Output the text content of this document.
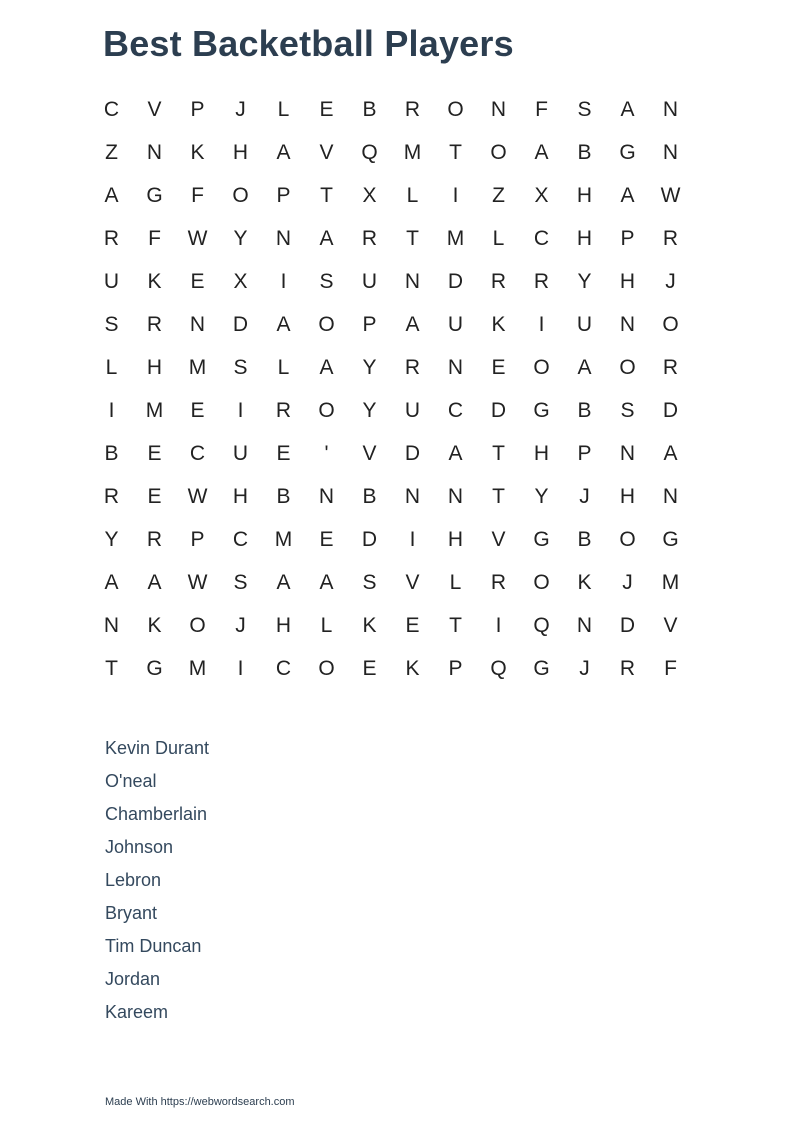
Best Backetball Players
C	V	P	J	L	E	B	R	O	N	F	S	A	N
Z	N	K	H	A	V	Q	M	T	O	A	B	G	N
A	G	F	O	P	T	X	L	I	Z	X	H	A	W
R	F	W	Y	N	A	R	T	M	L	C	H	P	R
U	K	E	X	I	S	U	N	D	R	R	Y	H	J
S	R	N	D	A	O	P	A	U	K	I	U	N	O
L	H	M	S	L	A	Y	R	N	E	O	A	O	R
I	M	E	I	R	O	Y	U	C	D	G	B	S	D
B	E	C	U	E	'	V	D	A	T	H	P	N	A
R	E	W	H	B	N	B	N	N	T	Y	J	H	N
Y	R	P	C	M	E	D	I	H	V	G	B	O	G
A	A	W	S	A	A	S	V	L	R	O	K	J	M
N	K	O	J	H	L	K	E	T	I	Q	N	D	V
T	G	M	I	C	O	E	K	P	Q	G	J	R	F
Kevin Durant
O'neal
Chamberlain
Johnson
Lebron
Bryant
Tim Duncan
Jordan
Kareem
Made With https://webwordsearch.com
